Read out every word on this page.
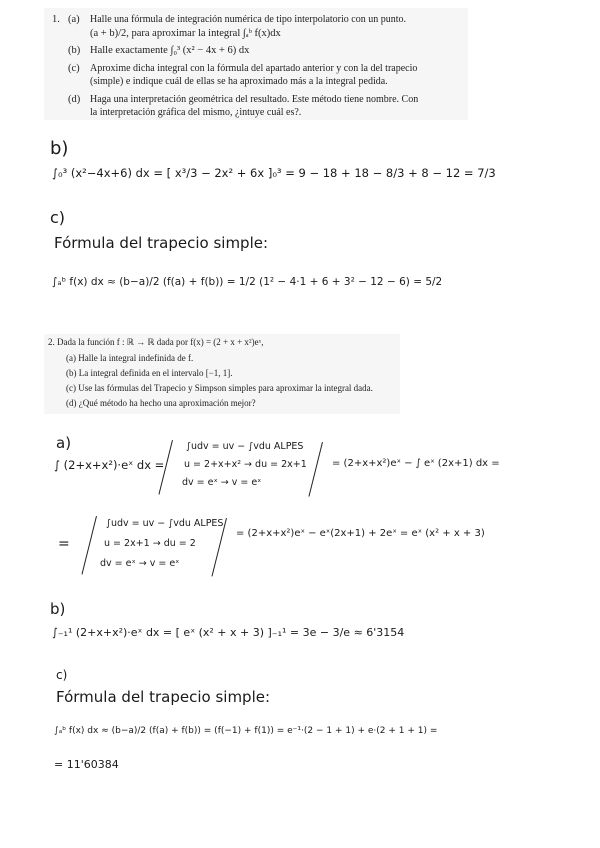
1. (a) Halle una fórmula de integración numérica de tipo interpolatorio con un punto.
(a + b)/2, para aproximar la integral ∫ₐᵇ f(x)dx
(b) Halle exactamente ∫₀³ (x² − 4x + 6) dx
(c) Aproxime dicha integral con la fórmula del apartado anterior y con la del trapecio
(simple) e indique cuál de ellas se ha aproximado más a la integral pedida.
(d) Haga una interpretación geométrica del resultado. Este método tiene nombre. Con
la interpretación gráfica del mismo, ¿intuye cuál es?.
b)
∫₀³ (x²−4x+6) dx = [ x³/3 − 2x² + 6x ]₀³ = 9 − 18 + 18 − 8/3 + 8 − 12 = 7/3
c)
Fórmula del trapecio simple:
∫ₐᵇ f(x) dx ≈ (b−a)/2 (f(a) + f(b)) = 1/2 (1² − 4·1 + 6 + 3² − 12 − 6) = 5/2
2. Dada la función f : ℝ → ℝ dada por f(x) = (2 + x + x²)eˣ,
(a) Halle la integral indefinida de f.
(b) La integral definida en el intervalo [−1, 1].
(c) Use las fórmulas del Trapecio y Simpson simples para aproximar la integral dada.
(d) ¿Qué método ha hecho una aproximación mejor?
a)
∫ (2+x+x²)·eˣ dx =
∫udv = uv − ∫vdu ALPES
u = 2+x+x² → du = 2x+1
dv = eˣ → v = eˣ
= (2+x+x²)eˣ − ∫ eˣ (2x+1) dx =
=
∫udv = uv − ∫vdu ALPES
u = 2x+1 → du = 2
dv = eˣ → v = eˣ
= (2+x+x²)eˣ − eˣ(2x+1) + 2eˣ = eˣ (x² + x + 3)
b)
∫₋₁¹ (2+x+x²)·eˣ dx = [ eˣ (x² + x + 3) ]₋₁¹ = 3e − 3/e ≈ 6'3154
c)
Fórmula del trapecio simple:
∫ₐᵇ f(x) dx ≈ (b−a)/2 (f(a) + f(b)) = (f(−1) + f(1)) = e⁻¹·(2 − 1 + 1) + e·(2 + 1 + 1) =
= 11'60384
